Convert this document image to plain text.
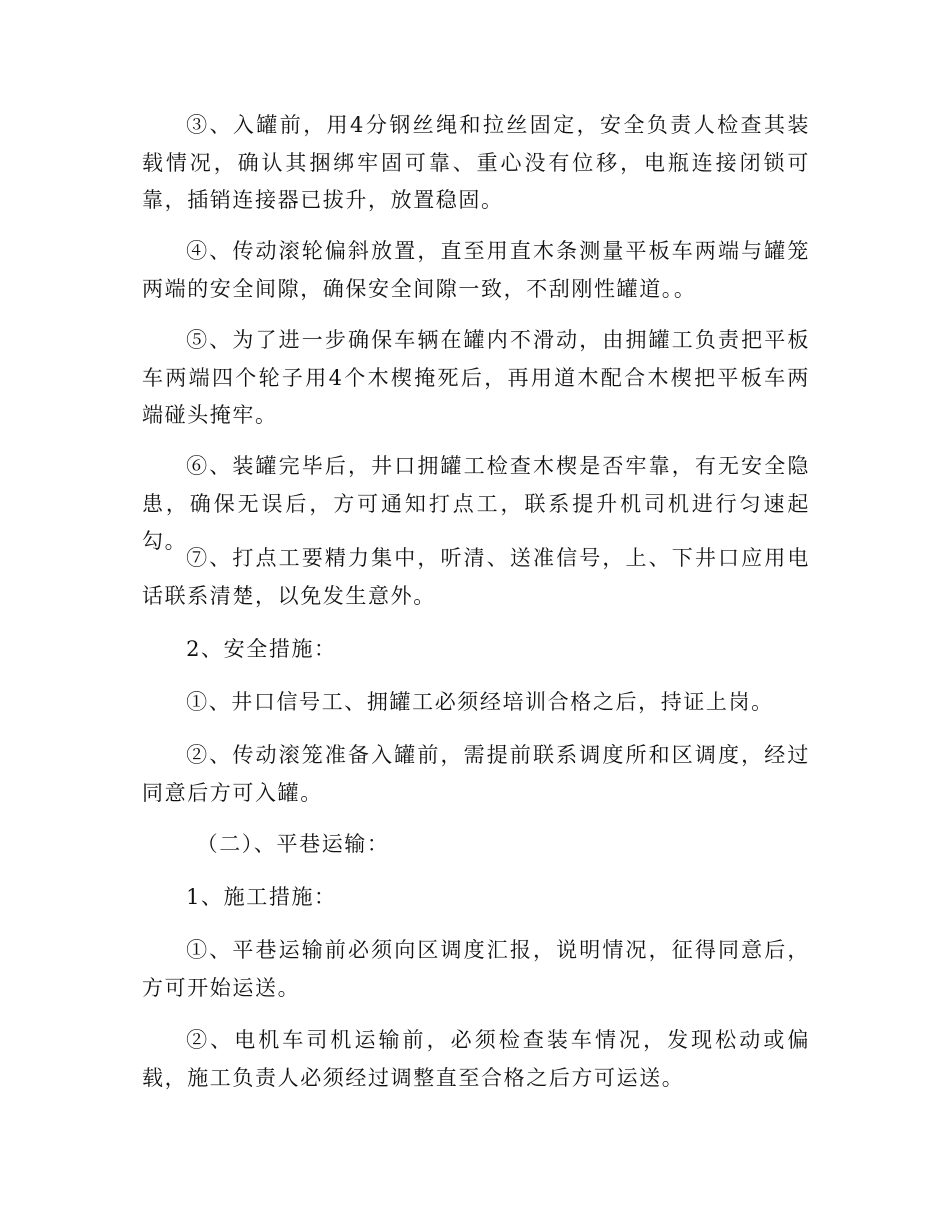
③、入罐前，用4分钢丝绳和拉丝固定，安全负责人检查其装载情况，确认其捆绑牢固可靠、重心没有位移，电瓶连接闭锁可靠，插销连接器已拔升，放置稳固。

④、传动滚轮偏斜放置，直至用直木条测量平板车两端与罐笼两端的安全间隙，确保安全间隙一致，不刮刚性罐道。。

⑤、为了进一步确保车辆在罐内不滑动，由拥罐工负责把平板车两端四个轮子用4个木楔掩死后，再用道木配合木楔把平板车两端碰头掩牢。

⑥、装罐完毕后，井口拥罐工检查木楔是否牢靠，有无安全隐患，确保无误后，方可通知打点工，联系提升机司机进行匀速起勾。

⑦、打点工要精力集中，听清、送准信号，上、下井口应用电话联系清楚，以免发生意外。

2、安全措施：

①、井口信号工、拥罐工必须经培训合格之后，持证上岗。

②、传动滚笼准备入罐前，需提前联系调度所和区调度，经过同意后方可入罐。

（二）、平巷运输：

1、施工措施：

①、平巷运输前必须向区调度汇报，说明情况，征得同意后，方可开始运送。

②、电机车司机运输前，必须检查装车情况，发现松动或偏载，施工负责人必须经过调整直至合格之后方可运送。
